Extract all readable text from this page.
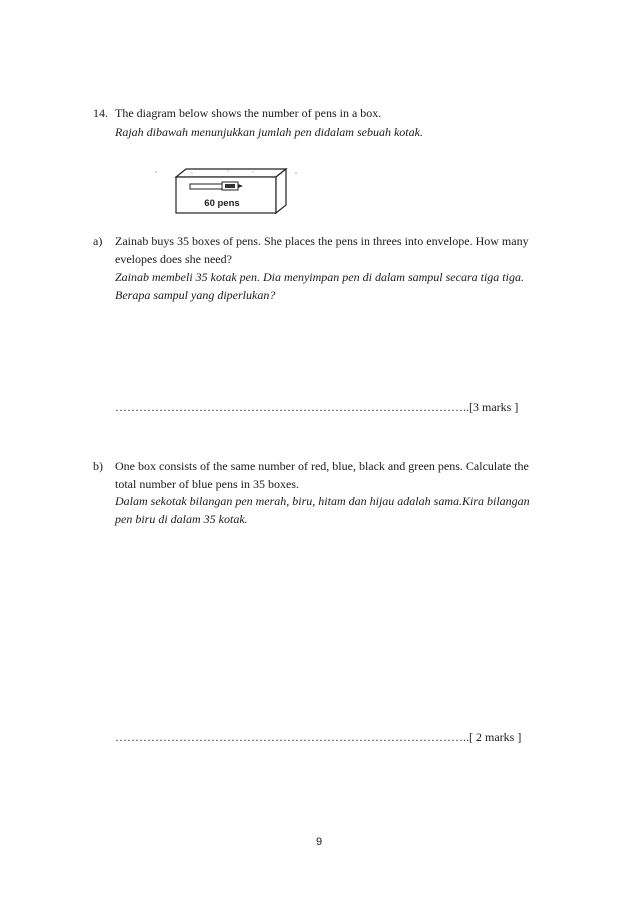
14. The diagram below shows the number of pens in a box.
Rajah dibawah menunjukkan jumlah pen didalam sebuah kotak.
60 pens
a) Zainab buys 35 boxes of pens. She places the pens in threes into envelope. How many
evelopes does she need?
Zainab membeli 35 kotak pen. Dia menyimpan pen di dalam sampul secara tiga tiga.
Berapa sampul yang diperlukan?
……………………………………………………………………………..[3 marks ]
b) One box consists of the same number of red, blue, black and green pens. Calculate the
total number of blue pens in 35 boxes.
Dalam sekotak bilangan pen merah, biru, hitam dan hijau adalah sama.Kira bilangan
pen biru di dalam 35 kotak.
……………………………………………………………………………..[ 2 marks ]
9
